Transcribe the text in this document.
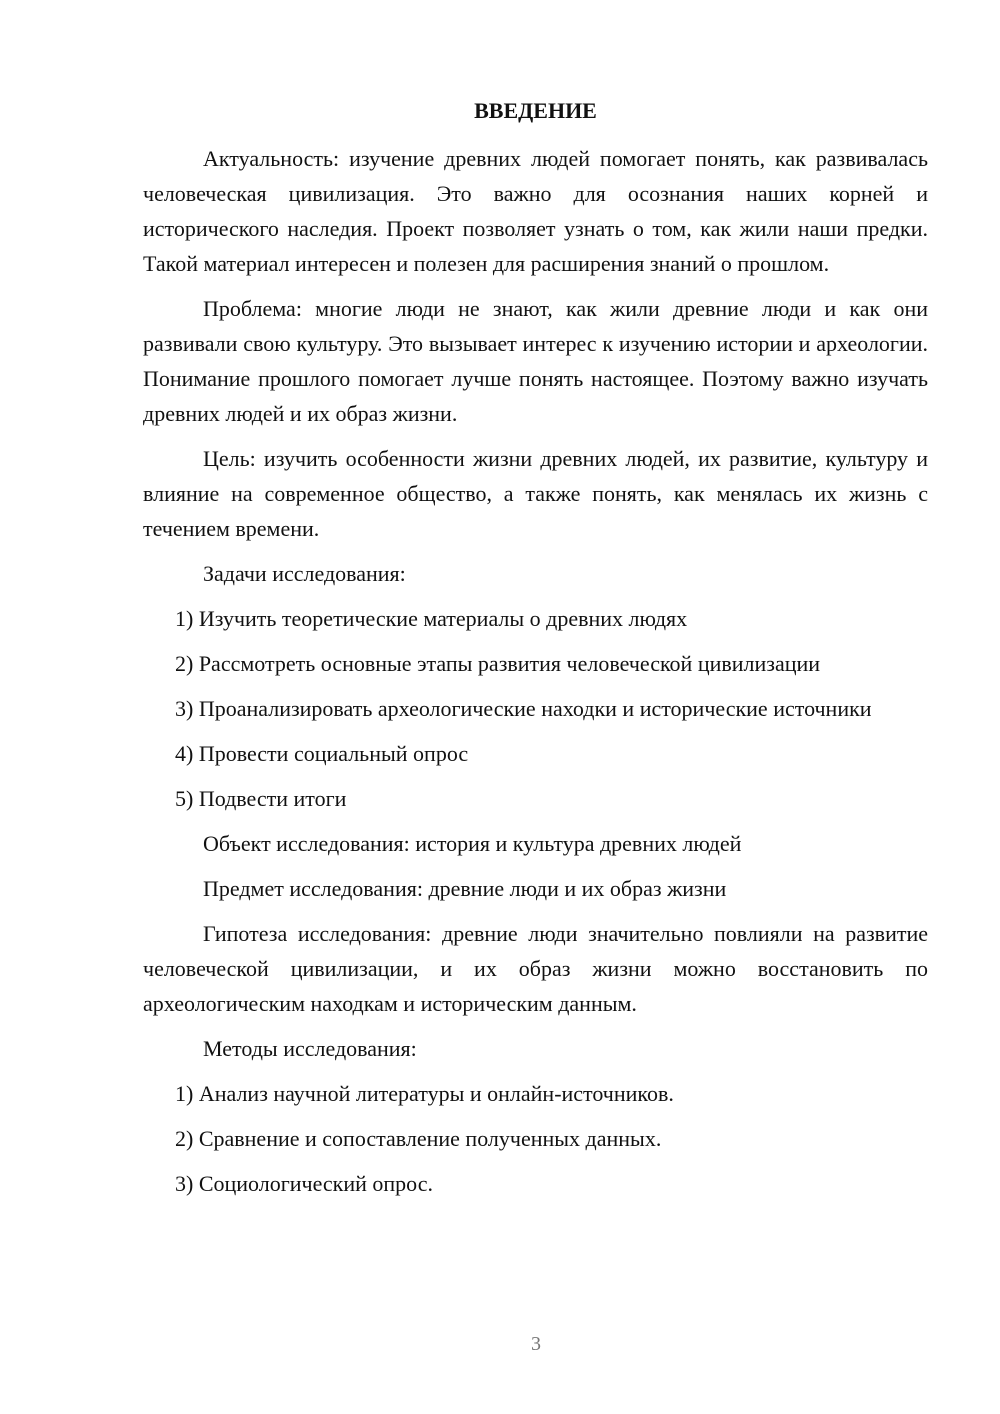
ВВЕДЕНИЕ

Актуальность: изучение древних людей помогает понять, как развивалась человеческая цивилизация. Это важно для осознания наших корней и исторического наследия. Проект позволяет узнать о том, как жили наши предки. Такой материал интересен и полезен для расширения знаний о прошлом.

Проблема: многие люди не знают, как жили древние люди и как они развивали свою культуру. Это вызывает интерес к изучению истории и археологии. Понимание прошлого помогает лучше понять настоящее. Поэтому важно изучать древних людей и их образ жизни.

Цель: изучить особенности жизни древних людей, их развитие, культуру и влияние на современное общество, а также понять, как менялась их жизнь с течением времени.

Задачи исследования:

1) Изучить теоретические материалы о древних людях

2) Рассмотреть основные этапы развития человеческой цивилизации

3) Проанализировать археологические находки и исторические источники

4) Провести социальный опрос

5) Подвести итоги

Объект исследования: история и культура древних людей

Предмет исследования: древние люди и их образ жизни

Гипотеза исследования: древние люди значительно повлияли на развитие человеческой цивилизации, и их образ жизни можно восстановить по археологическим находкам и историческим данным.

Методы исследования:

1) Анализ научной литературы и онлайн-источников.

2) Сравнение и сопоставление полученных данных.

3) Социологический опрос.

3
